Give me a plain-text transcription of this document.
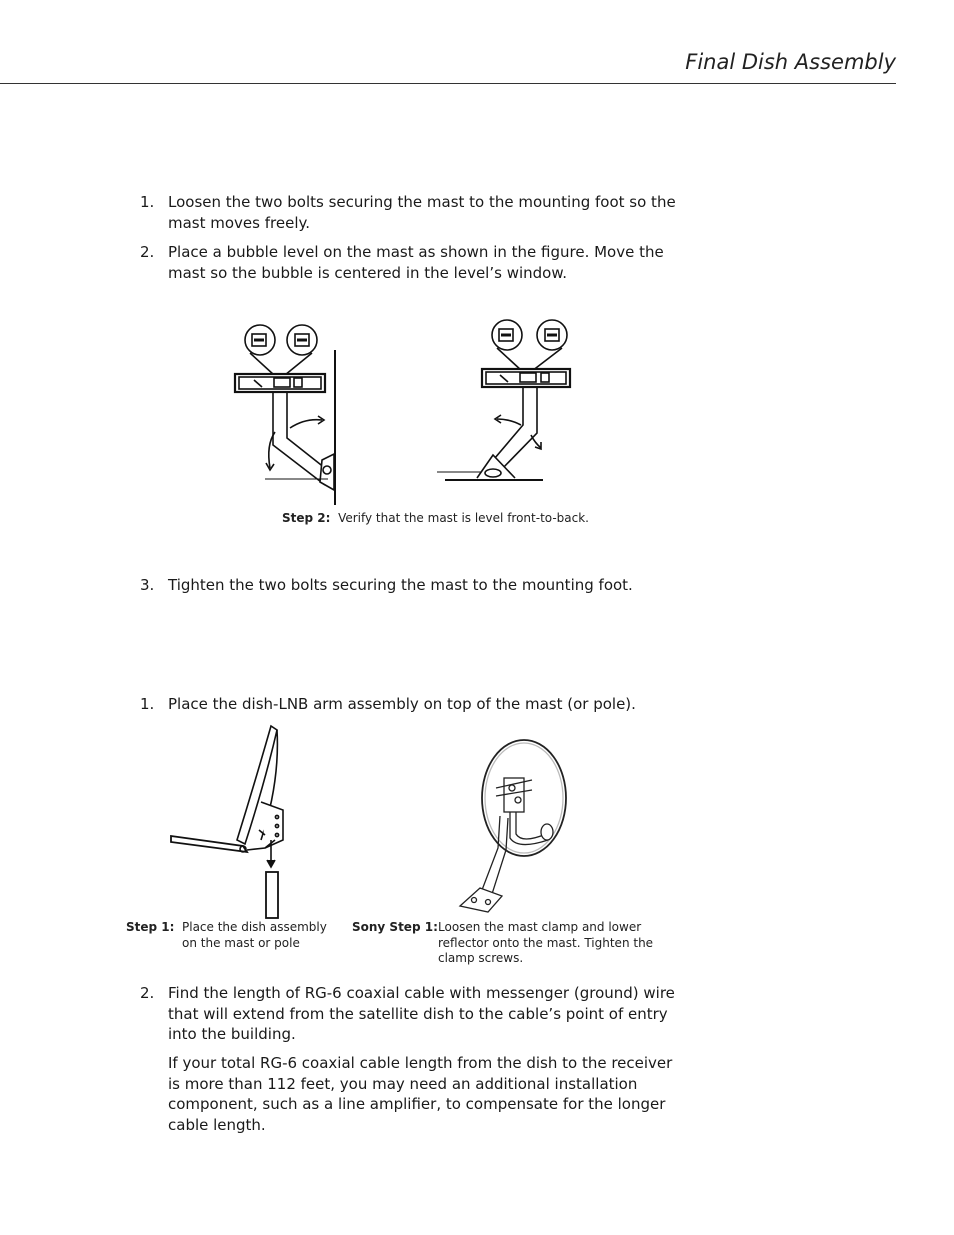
Final Dish Assembly
1. Loosen the two bolts securing the mast to the mounting foot so the mast moves freely.
2. Place a bubble level on the mast as shown in the figure. Move the mast so the bubble is centered in the level’s window.
Step 2: Verify that the mast is level front-to-back.
3. Tighten the two bolts securing the mast to the mounting foot.
1. Place the dish-LNB arm assembly on top of the mast (or pole).
Step 1: Place the dish assembly on the mast or pole
Sony Step 1: Loosen the mast clamp and lower reflector onto the mast. Tighten the clamp screws.
2. Find the length of RG-6 coaxial cable with messenger (ground) wire that will extend from the satellite dish to the cable’s point of entry into the building.
If your total RG-6 coaxial cable length from the dish to the receiver is more than 112 feet, you may need an additional installation component, such as a line amplifier, to compensate for the longer cable length.
